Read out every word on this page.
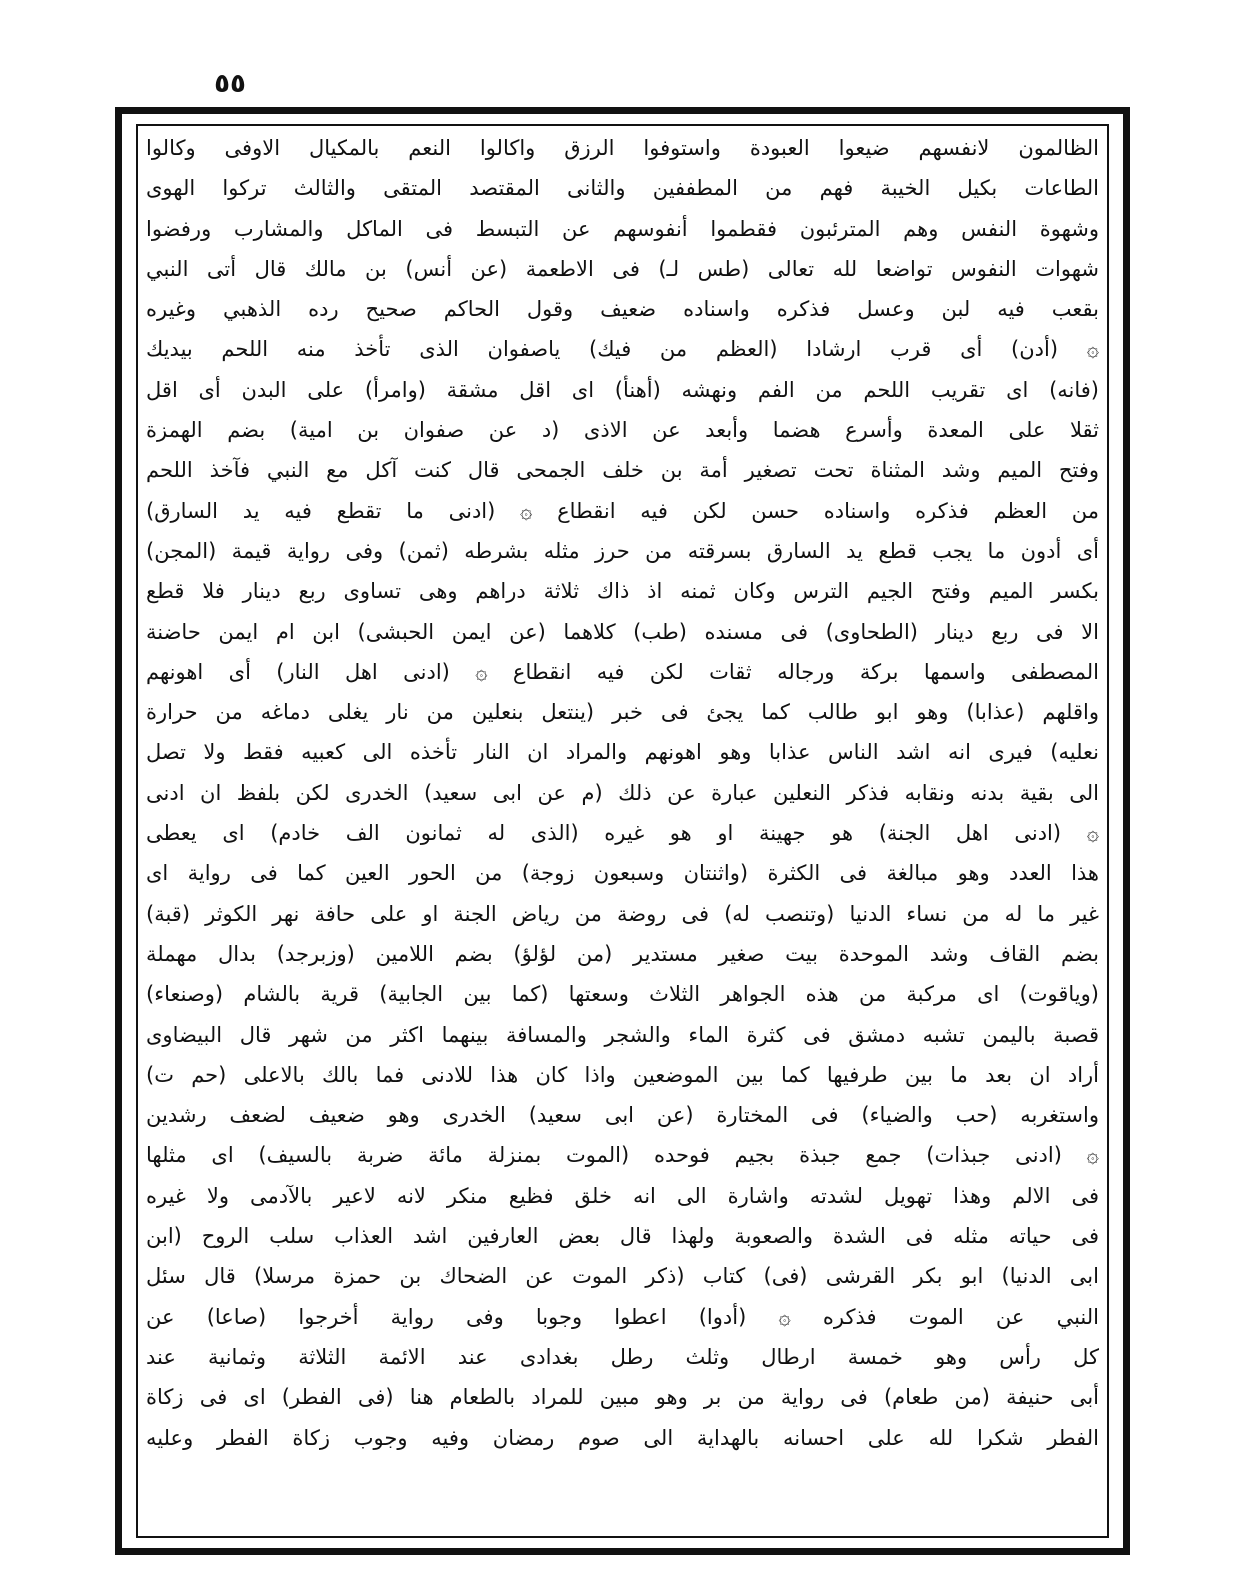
٥٥
الظالمون لانفسهم ضيعوا العبودة واستوفوا الرزق واكالوا النعم بالمكيال الاوفى وكالوا
الطاعات بكيل الخيبة فهم من المطففين والثانى المقتصد المتقى والثالث تركوا الهوى
وشهوة النفس وهم المترئبون فقطموا أنفوسهم عن التبسط فى الماكل والمشارب ورفضوا
شهوات النفوس تواضعا لله تعالى (طس لـ) فى الاطعمة (عن أنس) بن مالك قال أتى النبي
بقعب فيه لبن وعسل فذكره واسناده ضعيف وقول الحاكم صحيح رده الذهبي وغيره
۞ (أدن) أى قرب ارشادا (العظم من فيك) ياصفوان الذى تأخذ منه اللحم بيديك
(فانه) اى تقريب اللحم من الفم ونهشه (أهنأ) اى اقل مشقة (وامرأ) على البدن أى اقل
ثقلا على المعدة وأسرع هضما وأبعد عن الاذى (د عن صفوان بن امية) بضم الهمزة
وفتح الميم وشد المثناة تحت تصغير أمة بن خلف الجمحى قال كنت آكل مع النبي فآخذ اللحم
من العظم فذكره واسناده حسن لكن فيه انقطاع ۞ (ادنى ما تقطع فيه يد السارق)
أى أدون ما يجب قطع يد السارق بسرقته من حرز مثله بشرطه (ثمن) وفى رواية قيمة (المجن)
بكسر الميم وفتح الجيم الترس وكان ثمنه اذ ذاك ثلاثة دراهم وهى تساوى ربع دينار فلا قطع
الا فى ربع دينار (الطحاوى) فى مسنده (طب) كلاهما (عن ايمن الحبشى) ابن ام ايمن حاضنة
المصطفى واسمها بركة ورجاله ثقات لكن فيه انقطاع ۞ (ادنى اهل النار) أى اهونهم
واقلهم (عذابا) وهو ابو طالب كما يجئ فى خبر (ينتعل بنعلين من نار يغلى دماغه من حرارة
نعليه) فيرى انه اشد الناس عذابا وهو اهونهم والمراد ان النار تأخذه الى كعبيه فقط ولا تصل
الى بقية بدنه ونقابه فذكر النعلين عبارة عن ذلك (م عن ابى سعيد) الخدرى لكن بلفظ ان ادنى
۞ (ادنى اهل الجنة) هو جهينة او هو غيره (الذى له ثمانون الف خادم) اى يعطى
هذا العدد وهو مبالغة فى الكثرة (واثنتان وسبعون زوجة) من الحور العين كما فى رواية اى
غير ما له من نساء الدنيا (وتنصب له) فى روضة من رياض الجنة او على حافة نهر الكوثر (قبة)
بضم القاف وشد الموحدة بيت صغير مستدير (من لؤلؤ) بضم اللامين (وزبرجد) بدال مهملة
(وياقوت) اى مركبة من هذه الجواهر الثلاث وسعتها (كما بين الجابية) قرية بالشام (وصنعاء)
قصبة باليمن تشبه دمشق فى كثرة الماء والشجر والمسافة بينهما اكثر من شهر قال البيضاوى
أراد ان بعد ما بين طرفيها كما بين الموضعين واذا كان هذا للادنى فما بالك بالاعلى (حم ت)
واستغربه (حب والضياء) فى المختارة (عن ابى سعيد) الخدرى وهو ضعيف لضعف رشدين
۞ (ادنى جبذات) جمع جبذة بجيم فوحده (الموت بمنزلة مائة ضربة بالسيف) اى مثلها
فى الالم وهذا تهويل لشدته واشارة الى انه خلق فظيع منكر لانه لاعير بالآدمى ولا غيره
فى حياته مثله فى الشدة والصعوبة ولهذا قال بعض العارفين اشد العذاب سلب الروح (ابن
ابى الدنيا) ابو بكر القرشى (فى) كتاب (ذكر الموت عن الضحاك بن حمزة مرسلا) قال سئل
النبي عن الموت فذكره ۞ (أدوا) اعطوا وجوبا وفى رواية أخرجوا (صاعا) عن
كل رأس وهو خمسة ارطال وثلث رطل بغدادى عند الائمة الثلاثة وثمانية عند
أبى حنيفة (من طعام) فى رواية من بر وهو مبين للمراد بالطعام هنا (فى الفطر) اى فى زكاة
الفطر شكرا لله على احسانه بالهداية الى صوم رمضان وفيه وجوب زكاة الفطر وعليه
